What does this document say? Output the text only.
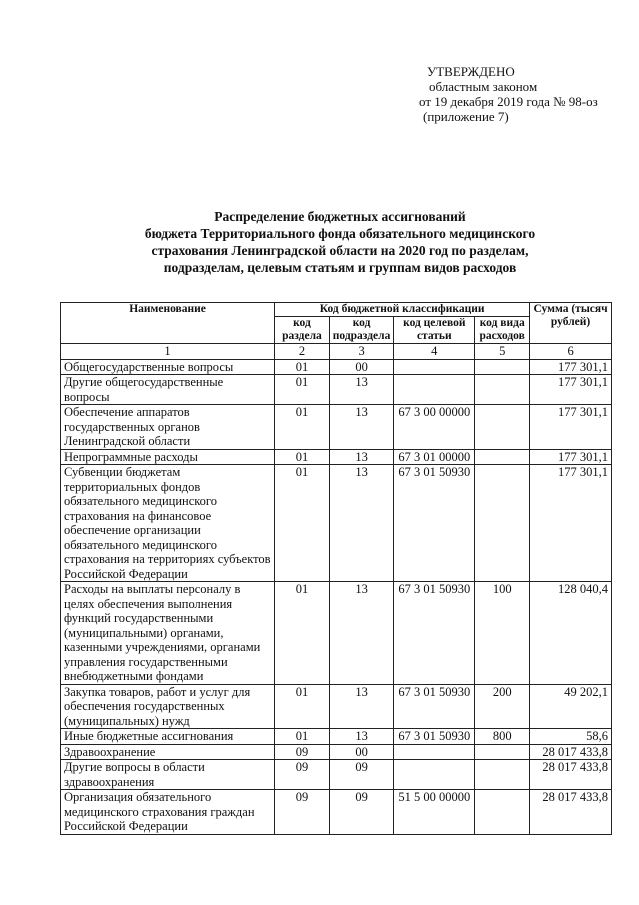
УТВЕРЖДЕНО
областным законом
от 19 декабря 2019 года № 98-оз
(приложение 7)
Распределение бюджетных ассигнований
бюджета Территориального фонда обязательного медицинского
страхования Ленинградской области на 2020 год по разделам,
подразделам, целевым статьям и группам видов расходов
Наименование	Код бюджетной классификации				Сумма (тысяч рублей)
	код раздела	код подраздела	код целевой статьи	код вида расходов	
1	2	3	4	5	6
Общегосударственные вопросы	01	00			177 301,1
Другие общегосударственные вопросы	01	13			177 301,1
Обеспечение аппаратов государственных органов Ленинградской области	01	13	67 3 00 00000		177 301,1
Непрограммные расходы	01	13	67 3 01 00000		177 301,1
Субвенции бюджетам территориальных фондов обязательного медицинского страхования на финансовое обеспечение организации обязательного медицинского страхования на территориях субъектов Российской Федерации	01	13	67 3 01 50930		177 301,1
Расходы на выплаты персоналу в целях обеспечения выполнения функций государственными (муниципальными) органами, казенными учреждениями, органами управления государственными внебюджетными фондами	01	13	67 3 01 50930	100	128 040,4
Закупка товаров, работ и услуг для обеспечения государственных (муниципальных) нужд	01	13	67 3 01 50930	200	49 202,1
Иные бюджетные ассигнования	01	13	67 3 01 50930	800	58,6
Здравоохранение	09	00			28 017 433,8
Другие вопросы в области здравоохранения	09	09			28 017 433,8
Организация обязательного медицинского страхования граждан Российской Федерации	09	09	51 5 00 00000		28 017 433,8
